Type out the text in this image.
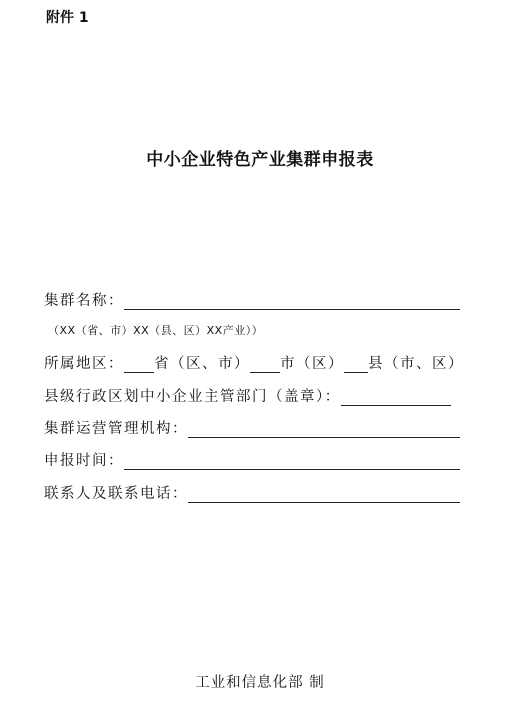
附件 1
中小企业特色产业集群申报表
集群名称：
（XX（省、市）XX（县、区）XX产业））
所属地区： 省（区、市） 市（区） 县（市、区）
县级行政区划中小企业主管部门（盖章）：
集群运营管理机构：
申报时间：
联系人及联系电话：
工业和信息化部 制
